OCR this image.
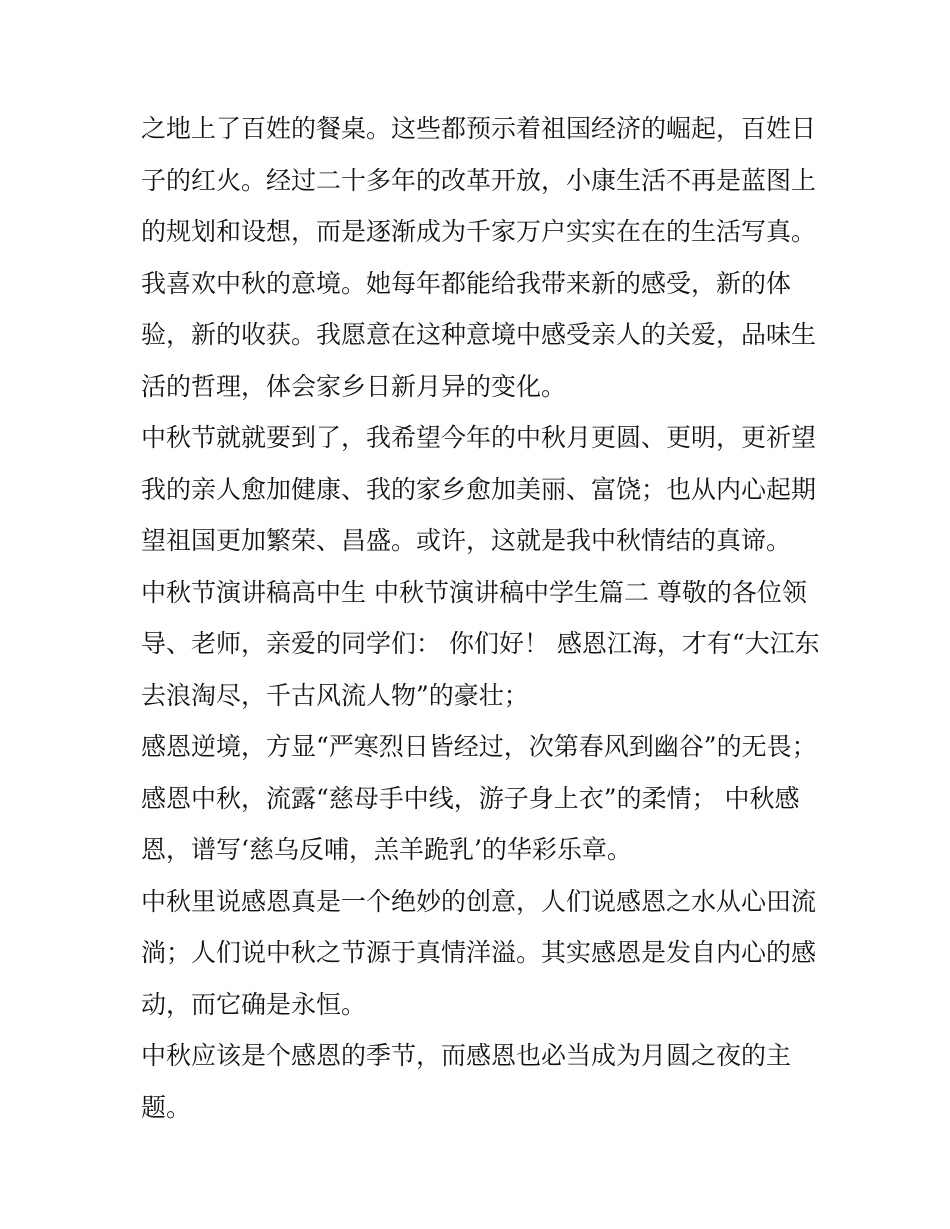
之地上了百姓的餐桌。这些都预示着祖国经济的崛起，百姓日
子的红火。经过二十多年的改革开放，小康生活不再是蓝图上
的规划和设想，而是逐渐成为千家万户实实在在的生活写真。
我喜欢中秋的意境。她每年都能给我带来新的感受，新的体
验，新的收获。我愿意在这种意境中感受亲人的关爱，品味生
活的哲理，体会家乡日新月异的变化。
中秋节就就要到了，我希望今年的中秋月更圆、更明，更祈望
我的亲人愈加健康、我的家乡愈加美丽、富饶；也从内心起期
望祖国更加繁荣、昌盛。或许，这就是我中秋情结的真谛。
中秋节演讲稿高中生 中秋节演讲稿中学生篇二 尊敬的各位领
导、老师，亲爱的同学们： 你们好！ 感恩江海，才有“大江东
去浪淘尽，千古风流人物”的豪壮；
感恩逆境，方显“严寒烈日皆经过，次第春风到幽谷”的无畏；
感恩中秋，流露“慈母手中线，游子身上衣”的柔情； 中秋感
恩，谱写‘慈乌反哺，羔羊跪乳’的华彩乐章。
中秋里说感恩真是一个绝妙的创意，人们说感恩之水从心田流
淌；人们说中秋之节源于真情洋溢。其实感恩是发自内心的感
动，而它确是永恒。
中秋应该是个感恩的季节，而感恩也必当成为月圆之夜的主
题。
